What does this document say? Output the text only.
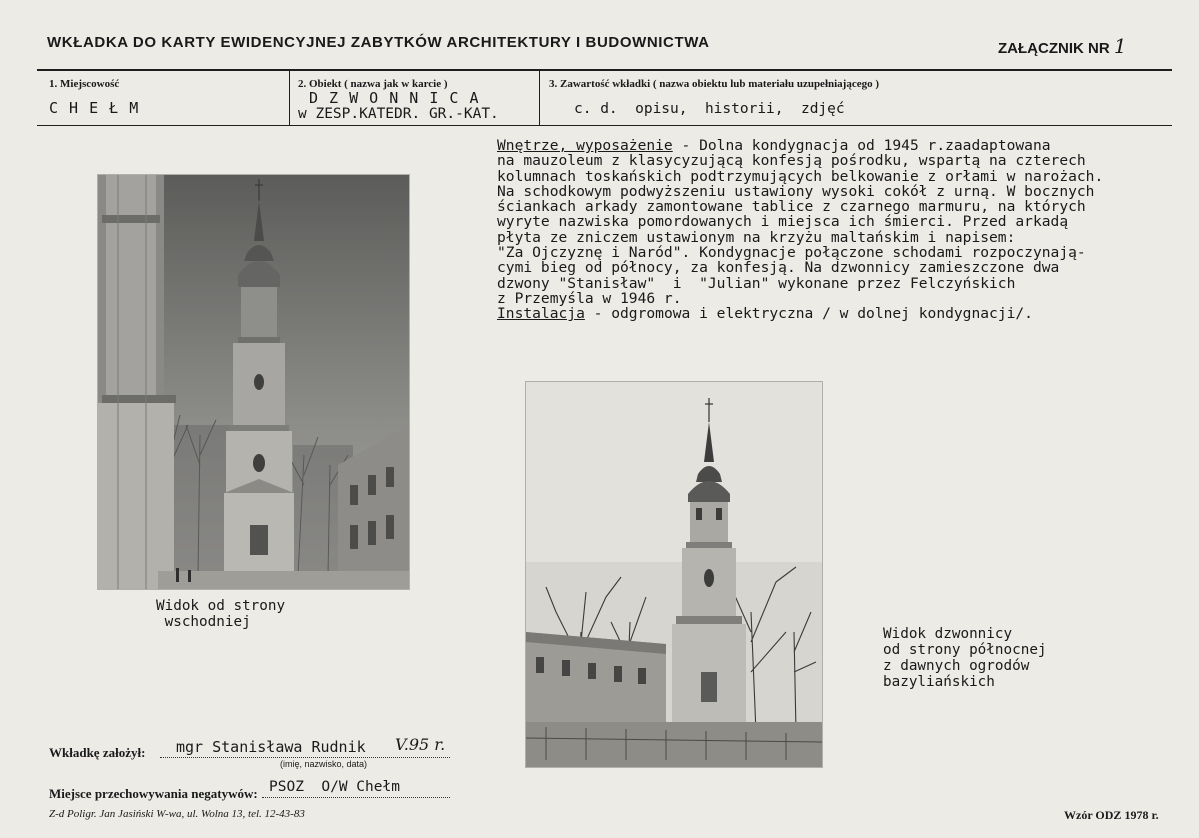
WKŁADKA DO KARTY EWIDENCYJNEJ ZABYTKÓW ARCHITEKTURY I BUDOWNICTWA	ZAŁĄCZNIK NR 1
1. Miejscowość
C H E Ł M
2. Obiekt ( nazwa jak w karcie )
D Z W O N N I C A
w ZESP.KATEDR. GR.-KAT.
3. Zawartość wkładki ( nazwa obiektu lub materiału uzupełniającego )
c. d.  opisu,  historii,  zdjęć
Wnętrze, wyposażenie - Dolna kondygnacja od 1945 r.zaadaptowana
na mauzoleum z klasycyzującą konfesją pośrodku, wspartą na czterech
kolumnach toskańskich podtrzymujących belkowanie z orłami w narożach.
Na schodkowym podwyższeniu ustawiony wysoki cokół z urną. W bocznych
ściankach arkady zamontowane tablice z czarnego marmuru, na których
wyryte nazwiska pomordowanych i miejsca ich śmierci. Przed arkadą
płyta ze zniczem ustawionym na krzyżu maltańskim i napisem:
"Za Ojczyznę i Naród". Kondygnacje połączone schodami rozpoczynają-
cymi bieg od północy, za konfesją. Na dzwonnicy zamieszczone dwa
dzwony "Stanisław"  i  "Julian" wykonane przez Felczyńskich
z Przemyśla w 1946 r.
Instalacja - odgromowa i elektryczna / w dolnej kondygnacji/.
Widok od strony
wschodniej
Widok dzwonnicy
od strony północnej
z dawnych ogrodów
bazyliańskich
Wkładkę założył: mgr Stanisława Rudnik V.95 r.
(imię, nazwisko, data)
Miejsce przechowywania negatywów: PSOZ  O/W Chełm
Z-d Poligr. Jan Jasiński W-wa, ul. Wolna 13, tel. 12-43-83	Wzór ODZ 1978 r.
